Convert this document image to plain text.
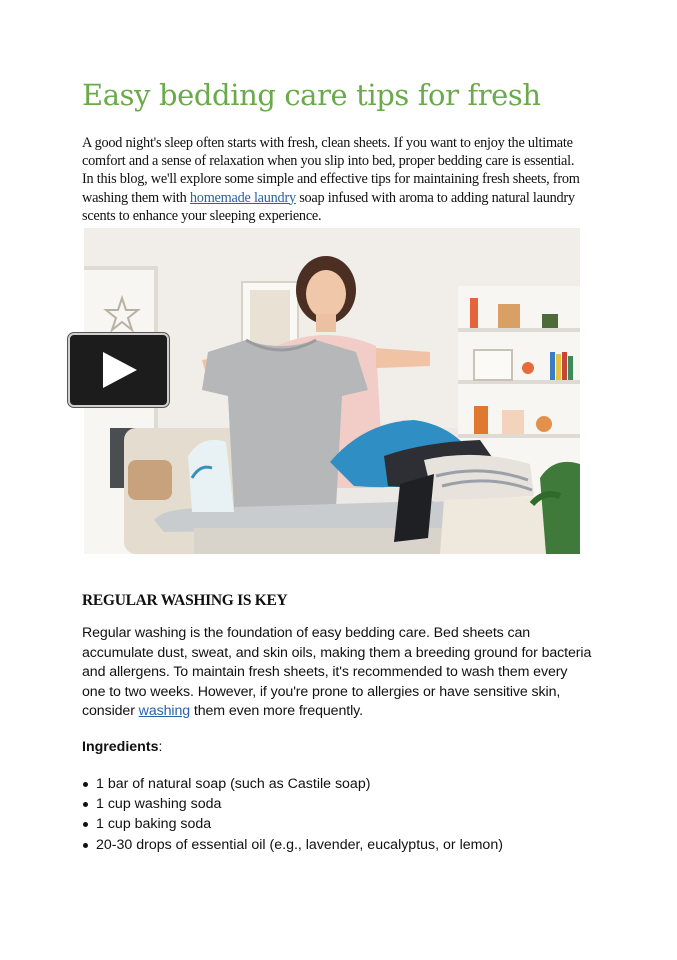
Easy bedding care tips for fresh

A good night's sleep often starts with fresh, clean sheets. If you want to enjoy the ultimate comfort and a sense of relaxation when you slip into bed, proper bedding care is essential. In this blog, we'll explore some simple and effective tips for maintaining fresh sheets, from washing them with homemade laundry soap infused with aroma to adding natural laundry scents to enhance your sleeping experience.

REGULAR WASHING IS KEY

Regular washing is the foundation of easy bedding care. Bed sheets can accumulate dust, sweat, and skin oils, making them a breeding ground for bacteria and allergens. To maintain fresh sheets, it's recommended to wash them every one to two weeks. However, if you're prone to allergies or have sensitive skin, consider washing them even more frequently.

Ingredients:

1 bar of natural soap (such as Castile soap)
1 cup washing soda
1 cup baking soda
20-30 drops of essential oil (e.g., lavender, eucalyptus, or lemon)
